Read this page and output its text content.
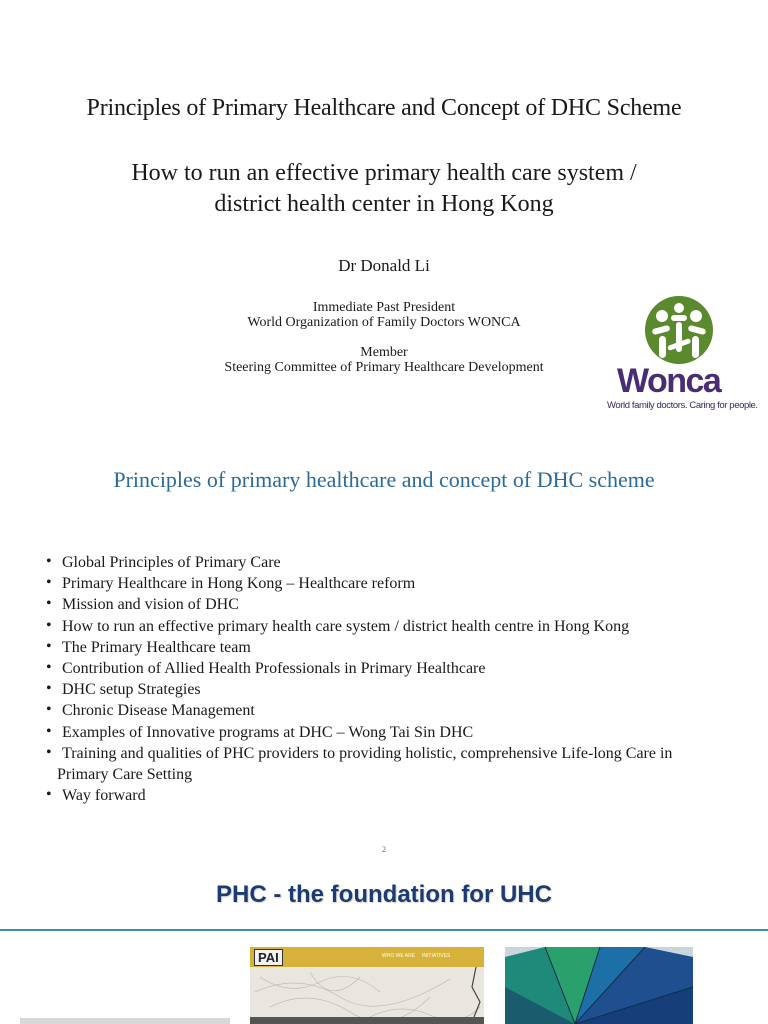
Principles of Primary Healthcare and Concept of DHC Scheme
How to run an effective primary health care system /
district health center in Hong Kong
Dr Donald Li
Immediate Past President
World Organization of Family Doctors WONCA
Member
Steering Committee of Primary Healthcare Development	Wonca
World family doctors. Caring for people.
Principles of primary healthcare and concept of DHC scheme
• Global Principles of Primary Care
• Primary Healthcare in Hong Kong – Healthcare reform
• Mission and vision of DHC
• How to run an effective primary health care system / district health centre in Hong Kong
• The Primary Healthcare team
• Contribution of Allied Health Professionals in Primary Healthcare
• DHC setup Strategies
• Chronic Disease Management
• Examples of Innovative programs at DHC – Wong Tai Sin DHC
• Training and qualities of PHC providers to providing holistic, comprehensive Life-long Care in
Primary Care Setting
• Way forward
2
PHC - the foundation for UHC
PAI	WHO WE ARE INITIATIVES
